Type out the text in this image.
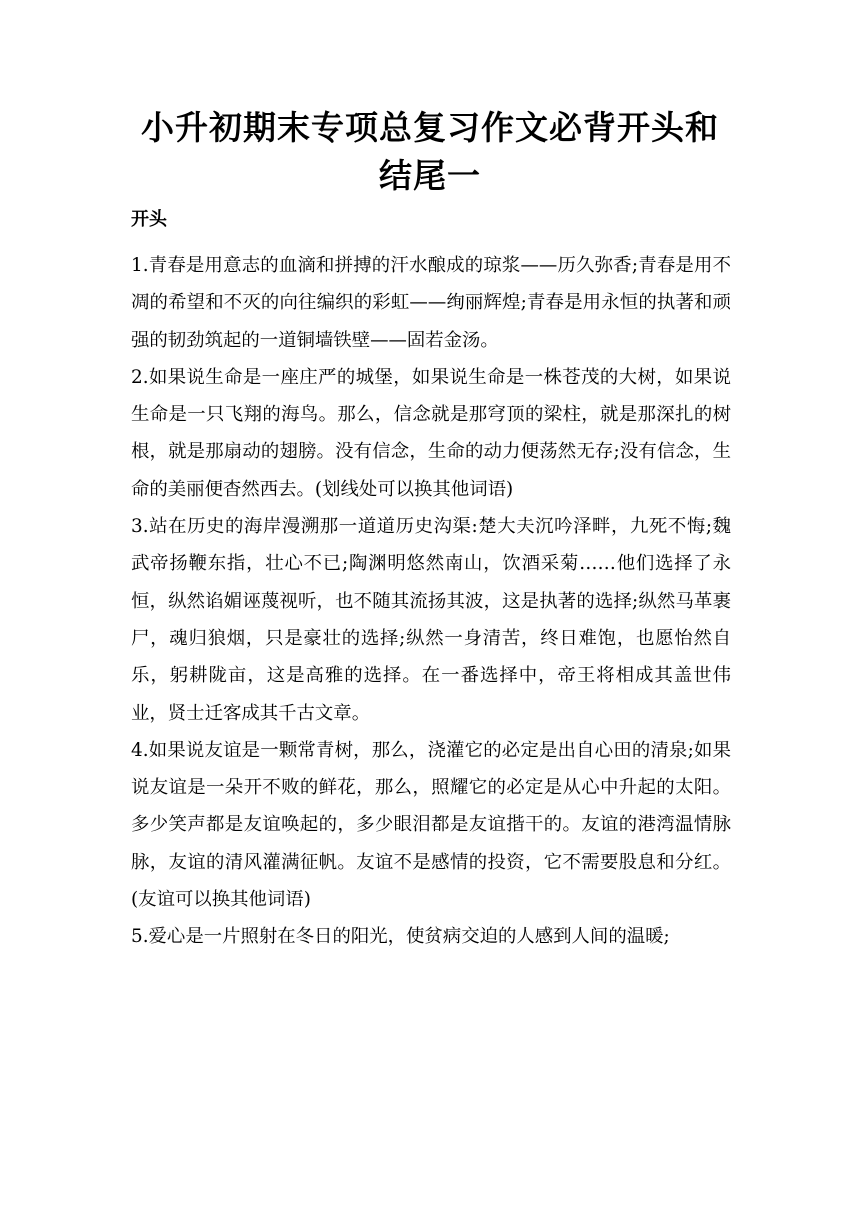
小升初期末专项总复习作文必背开头和结尾一
开头

1.青春是用意志的血滴和拼搏的汗水酿成的琼浆——历久弥香;青春是用不凋的希望和不灭的向往编织的彩虹——绚丽辉煌;青春是用永恒的执著和顽强的韧劲筑起的一道铜墙铁壁——固若金汤。

2.如果说生命是一座庄严的城堡，如果说生命是一株苍茂的大树，如果说生命是一只飞翔的海鸟。那么，信念就是那穹顶的梁柱，就是那深扎的树根，就是那扇动的翅膀。没有信念，生命的动力便荡然无存;没有信念，生命的美丽便杳然西去。(划线处可以换其他词语)

3.站在历史的海岸漫溯那一道道历史沟渠:楚大夫沉吟泽畔，九死不悔;魏武帝扬鞭东指，壮心不已;陶渊明悠然南山，饮酒采菊……他们选择了永恒，纵然谄媚诬蔑视听，也不随其流扬其波，这是执著的选择;纵然马革裹尸，魂归狼烟，只是豪壮的选择;纵然一身清苦，终日难饱，也愿怡然自乐，躬耕陇亩，这是高雅的选择。在一番选择中，帝王将相成其盖世伟业，贤士迁客成其千古文章。

4.如果说友谊是一颗常青树，那么，浇灌它的必定是出自心田的清泉;如果说友谊是一朵开不败的鲜花，那么，照耀它的必定是从心中升起的太阳。多少笑声都是友谊唤起的，多少眼泪都是友谊揩干的。友谊的港湾温情脉脉，友谊的清风灌满征帆。友谊不是感情的投资，它不需要股息和分红。(友谊可以换其他词语)

5.爱心是一片照射在冬日的阳光，使贫病交迫的人感到人间的温暖;
